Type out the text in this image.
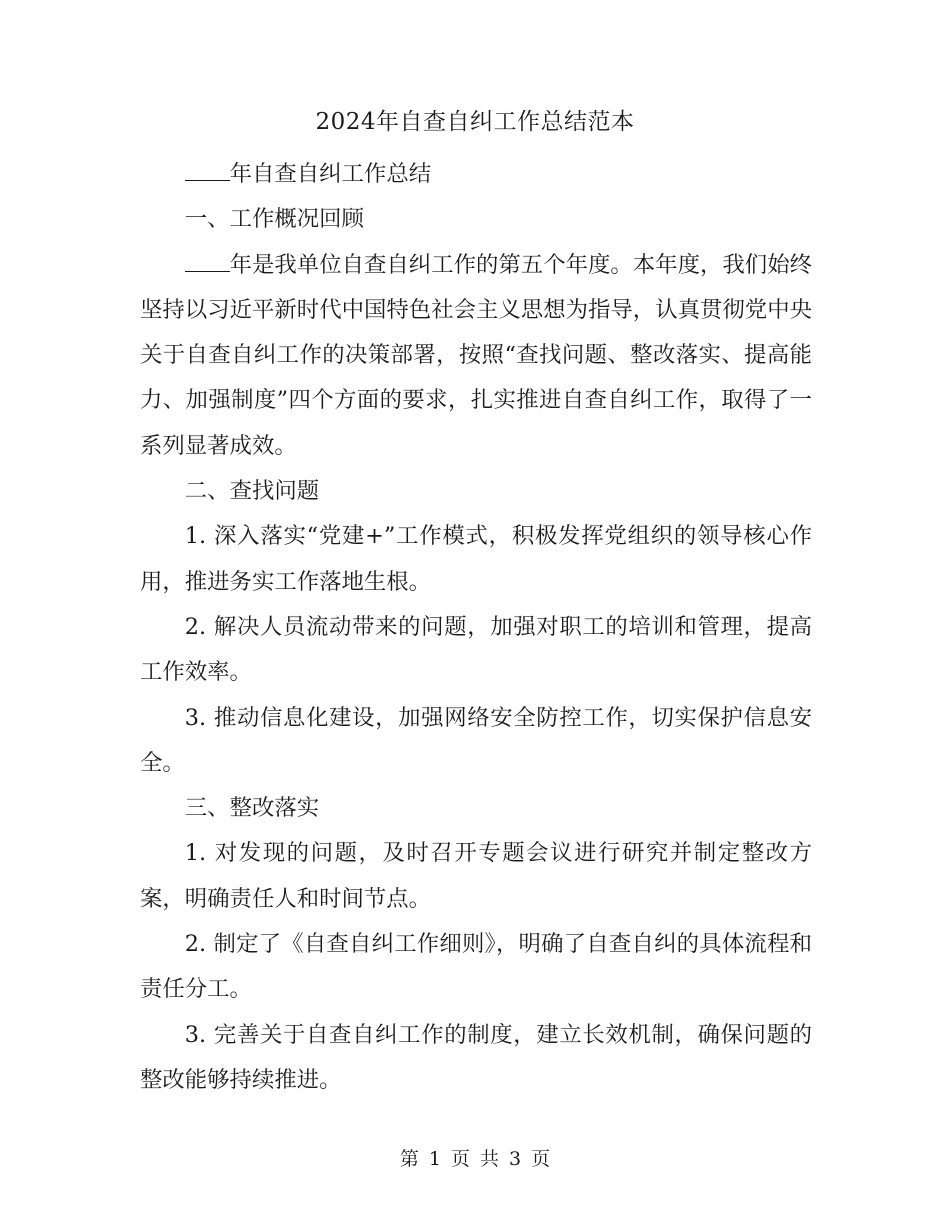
2024年自查自纠工作总结范本

年自查自纠工作总结

一、工作概况回顾

年是我单位自查自纠工作的第五个年度。本年度，我们始终坚持以习近平新时代中国特色社会主义思想为指导，认真贯彻党中央关于自查自纠工作的决策部署，按照“查找问题、整改落实、提高能力、加强制度”四个方面的要求，扎实推进自查自纠工作，取得了一系列显著成效。

二、查找问题

1. 深入落实“党建+”工作模式，积极发挥党组织的领导核心作用，推进务实工作落地生根。

2. 解决人员流动带来的问题，加强对职工的培训和管理，提高工作效率。

3. 推动信息化建设，加强网络安全防控工作，切实保护信息安全。

三、整改落实

1. 对发现的问题，及时召开专题会议进行研究并制定整改方案，明确责任人和时间节点。

2. 制定了《自查自纠工作细则》，明确了自查自纠的具体流程和责任分工。

3. 完善关于自查自纠工作的制度，建立长效机制，确保问题的整改能够持续推进。

第 1 页 共 3 页
